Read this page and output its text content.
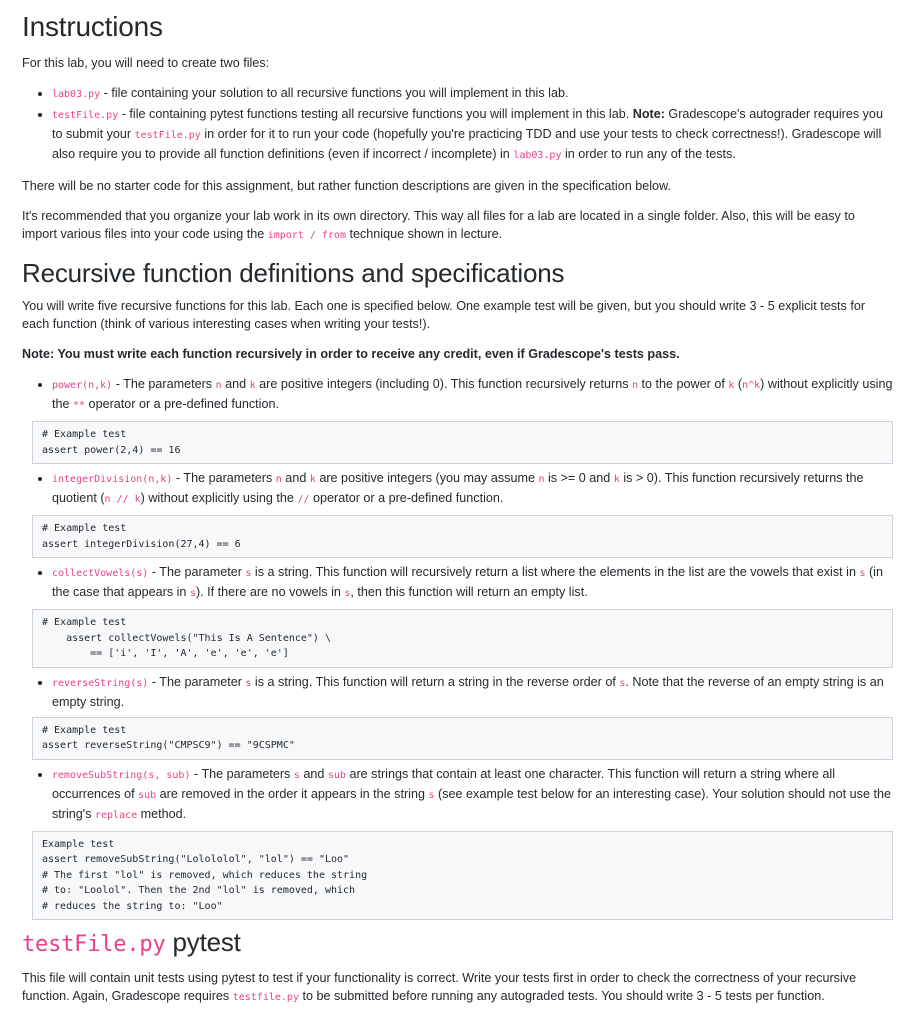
Instructions

For this lab, you will need to create two files:

• lab03.py - file containing your solution to all recursive functions you will implement in this lab.
• testFile.py - file containing pytest functions testing all recursive functions you will implement in this lab. Note: Gradescope's autograder requires you to submit your testFile.py in order for it to run your code (hopefully you're practicing TDD and use your tests to check correctness!). Gradescope will also require you to provide all function definitions (even if incorrect / incomplete) in lab03.py in order to run any of the tests.

There will be no starter code for this assignment, but rather function descriptions are given in the specification below.

It's recommended that you organize your lab work in its own directory. This way all files for a lab are located in a single folder. Also, this will be easy to import various files into your code using the import / from technique shown in lecture.

Recursive function definitions and specifications

You will write five recursive functions for this lab. Each one is specified below. One example test will be given, but you should write 3 - 5 explicit tests for each function (think of various interesting cases when writing your tests!).

Note: You must write each function recursively in order to receive any credit, even if Gradescope's tests pass.

• power(n,k) - The parameters n and k are positive integers (including 0). This function recursively returns n to the power of k (n^k) without explicitly using the ** operator or a pre-defined function.
# Example test
assert power(2,4) == 16
• integerDivision(n,k) - The parameters n and k are positive integers (you may assume n is >= 0 and k is > 0). This function recursively returns the quotient (n // k) without explicitly using the // operator or a pre-defined function.
# Example test
assert integerDivision(27,4) == 6
• collectVowels(s) - The parameter s is a string. This function will recursively return a list where the elements in the list are the vowels that exist in s (in the case that appears in s). If there are no vowels in s, then this function will return an empty list.
# Example test
assert collectVowels("This Is A Sentence") \
== ['i', 'I', 'A', 'e', 'e', 'e']
• reverseString(s) - The parameter s is a string. This function will return a string in the reverse order of s. Note that the reverse of an empty string is an empty string.
# Example test
assert reverseString("CMPSC9") == "9CSPMC"
• removeSubString(s, sub) - The parameters s and sub are strings that contain at least one character. This function will return a string where all occurrences of sub are removed in the order it appears in the string s (see example test below for an interesting case). Your solution should not use the string's replace method.
Example test
assert removeSubString("Lolololol", "lol") == "Loo"
# The first "lol" is removed, which reduces the string
# to: "Loolol". Then the 2nd "lol" is removed, which
# reduces the string to: "Loo"
testFile.py pytest

This file will contain unit tests using pytest to test if your functionality is correct. Write your tests first in order to check the correctness of your recursive function. Again, Gradescope requires testfile.py to be submitted before running any autograded tests. You should write 3 - 5 tests per function.
